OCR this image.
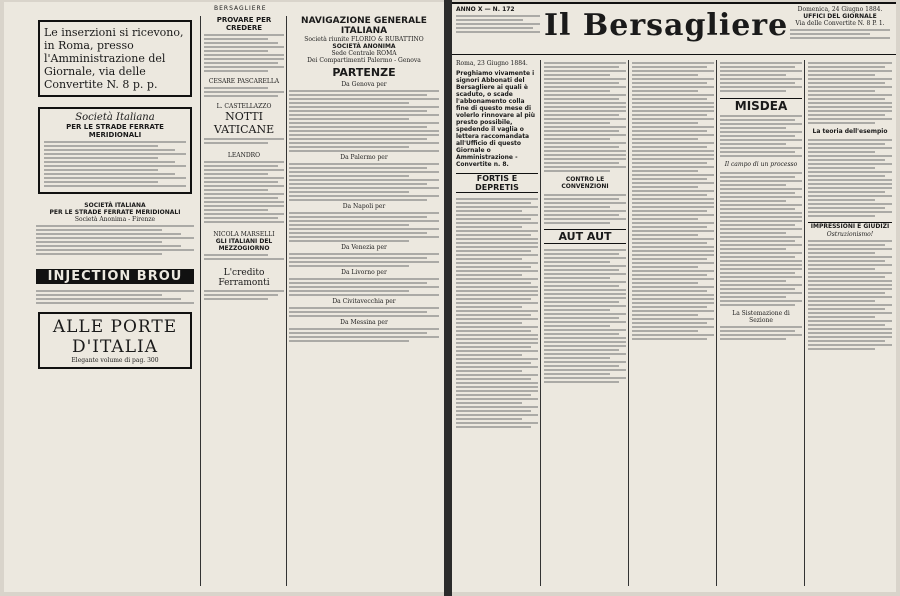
BERSAGLIERE
Le inserzioni si ricevono, in Roma, presso l'Amministrazione del Giornale, via delle Convertite N. 8 p. p.
Società Italiana
PER LE STRADE FERRATE MERIDIONALI
SOCIETÀ ITALIANA
PER LE STRADE FERRATE MERIDIONALI
Società Anonima - Firenze
INJECTION BROU
ALLE PORTE D'ITALIA
Elegante volume di pag. 300
PROVARE PER CREDERE
CESARE PASCARELLA
L. CASTELLAZZO
NOTTI VATICANE
LEANDRO
NICOLA MARSELLI
GLI ITALIANI DEL MEZZOGIORNO
L'credito Ferramonti
NAVIGAZIONE GENERALE ITALIANA
Società riunite FLORIO & RUBATTINO
SOCIETÀ ANONIMA
Sede Centrale ROMA
Dei Compartimenti Palermo - Genova
PARTENZE
Da Genova per
Da Palermo per
Da Napoli per
Da Venezia per
Da Livorno per
Da Civitavecchia per
Da Messina per
ANNO X — N. 172 Il Bersagliere	Domenica, 24 Giugno 1884.
UFFICI DEL GIORNALE
Via delle Convertite N. 8 P. 1.
Roma, 23 Giugno 1884.
Preghiamo vivamente i signori Abbonati del Bersagliere ai quali è scaduto, o scade l'abbonamento colla fine di questo mese di volerlo rinnovare al più presto possibile, spedendo il vaglia o lettera raccomandata all'Ufficio di questo Giornale o Amministrazione - Convertite n. 8.
FORTIS E DEPRETIS
CONTRO LE CONVENZIONI
AUT AUT
MISDEA
Il campo di un processo
La Sistemazione di Sezione
La teoria dell'esempio
IMPRESSIONI E GIUDIZI
Ostruzionismo!
